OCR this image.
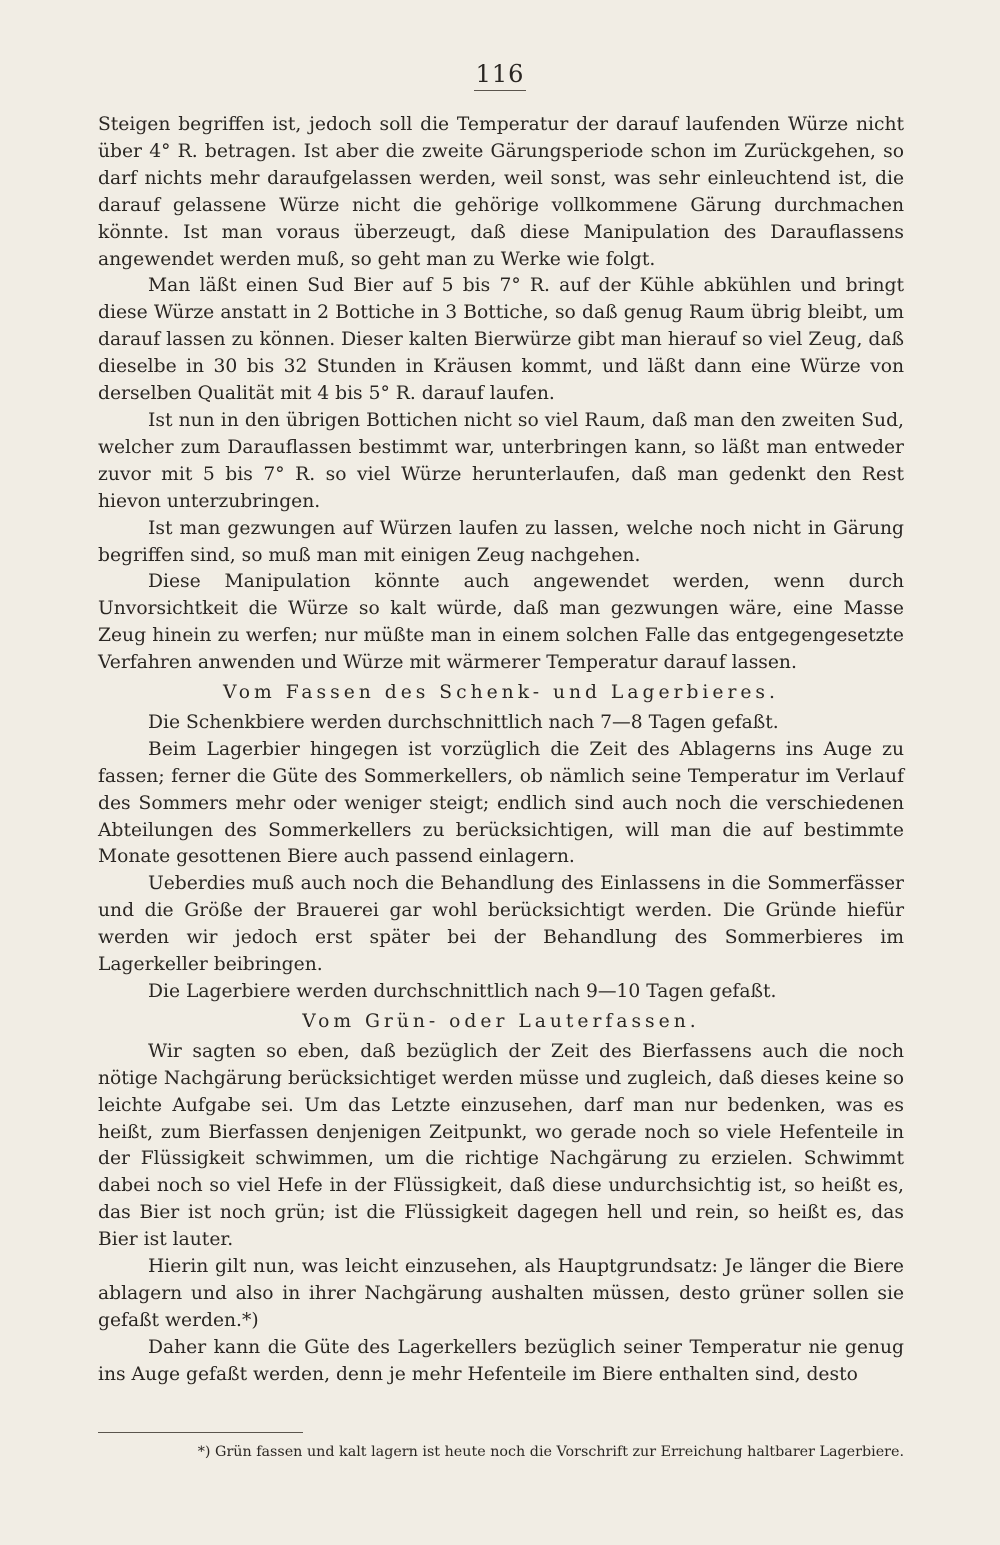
116

Steigen begriffen ist, jedoch soll die Temperatur der darauf laufenden Würze nicht über 4° R. betragen. Ist aber die zweite Gärungsperiode schon im Zurückgehen, so darf nichts mehr daraufgelassen werden, weil sonst, was sehr einleuchtend ist, die darauf gelassene Würze nicht die gehörige vollkommene Gärung durchmachen könnte. Ist man voraus überzeugt, daß diese Manipulation des Darauflassens angewendet werden muß, so geht man zu Werke wie folgt.

Man läßt einen Sud Bier auf 5 bis 7° R. auf der Kühle abkühlen und bringt diese Würze anstatt in 2 Bottiche in 3 Bottiche, so daß genug Raum übrig bleibt, um darauf lassen zu können. Dieser kalten Bierwürze gibt man hierauf so viel Zeug, daß dieselbe in 30 bis 32 Stunden in Kräusen kommt, und läßt dann eine Würze von derselben Qualität mit 4 bis 5° R. darauf laufen.

Ist nun in den übrigen Bottichen nicht so viel Raum, daß man den zweiten Sud, welcher zum Darauflassen bestimmt war, unterbringen kann, so läßt man entweder zuvor mit 5 bis 7° R. so viel Würze herunterlaufen, daß man gedenkt den Rest hievon unterzubringen.

Ist man gezwungen auf Würzen laufen zu lassen, welche noch nicht in Gärung begriffen sind, so muß man mit einigen Zeug nachgehen.

Diese Manipulation könnte auch angewendet werden, wenn durch Unvorsichtkeit die Würze so kalt würde, daß man gezwungen wäre, eine Masse Zeug hinein zu werfen; nur müßte man in einem solchen Falle das entgegengesetzte Verfahren anwenden und Würze mit wärmerer Temperatur darauf lassen.

Vom Fassen des Schenk- und Lagerbieres.

Die Schenkbiere werden durchschnittlich nach 7—8 Tagen gefaßt.

Beim Lagerbier hingegen ist vorzüglich die Zeit des Ablagerns ins Auge zu fassen; ferner die Güte des Sommerkellers, ob nämlich seine Temperatur im Verlauf des Sommers mehr oder weniger steigt; endlich sind auch noch die verschiedenen Abteilungen des Sommerkellers zu berücksichtigen, will man die auf bestimmte Monate gesottenen Biere auch passend einlagern.

Ueberdies muß auch noch die Behandlung des Einlassens in die Sommerfässer und die Größe der Brauerei gar wohl berücksichtigt werden. Die Gründe hiefür werden wir jedoch erst später bei der Behandlung des Sommerbieres im Lagerkeller beibringen.

Die Lagerbiere werden durchschnittlich nach 9—10 Tagen gefaßt.

Vom Grün- oder Lauterfassen.

Wir sagten so eben, daß bezüglich der Zeit des Bierfassens auch die noch nötige Nachgärung berücksichtiget werden müsse und zugleich, daß dieses keine so leichte Aufgabe sei. Um das Letzte einzusehen, darf man nur bedenken, was es heißt, zum Bierfassen denjenigen Zeitpunkt, wo gerade noch so viele Hefenteile in der Flüssigkeit schwimmen, um die richtige Nachgärung zu erzielen. Schwimmt dabei noch so viel Hefe in der Flüssigkeit, daß diese undurchsichtig ist, so heißt es, das Bier ist noch grün; ist die Flüssigkeit dagegen hell und rein, so heißt es, das Bier ist lauter.

Hierin gilt nun, was leicht einzusehen, als Hauptgrundsatz: Je länger die Biere ablagern und also in ihrer Nachgärung aushalten müssen, desto grüner sollen sie gefaßt werden.*)

Daher kann die Güte des Lagerkellers bezüglich seiner Temperatur nie genug ins Auge gefaßt werden, denn je mehr Hefenteile im Biere enthalten sind, desto

*) Grün fassen und kalt lagern ist heute noch die Vorschrift zur Erreichung haltbarer Lagerbiere.
